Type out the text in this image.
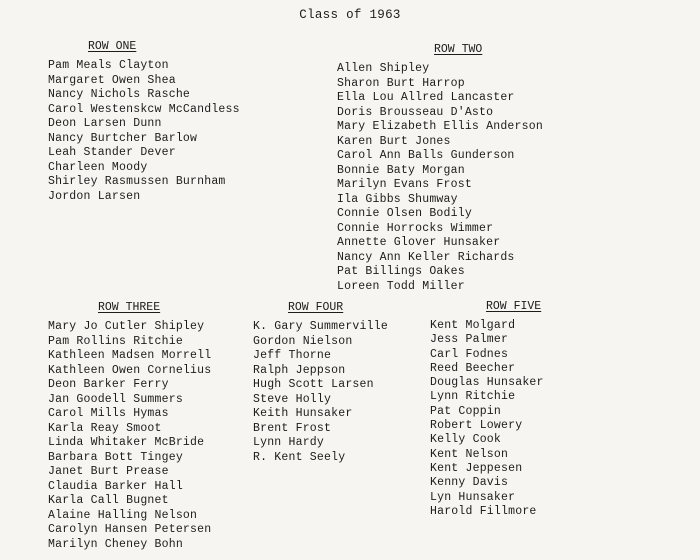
Class of 1963
ROW ONE
Pam Meals Clayton
Margaret Owen Shea
Nancy Nichols Rasche
Carol Westenskcw McCandless
Deon Larsen Dunn
Nancy Burtcher Barlow
Leah Stander Dever
Charleen Moody
Shirley Rasmussen Burnham
Jordon Larsen
ROW TWO
Allen Shipley
Sharon Burt Harrop
Ella Lou Allred Lancaster
Doris Brousseau D'Asto
Mary Elizabeth Ellis Anderson
Karen Burt Jones
Carol Ann Balls Gunderson
Bonnie Baty Morgan
Marilyn Evans Frost
Ila Gibbs Shumway
Connie Olsen Bodily
Connie Horrocks Wimmer
Annette Glover Hunsaker
Nancy Ann Keller Richards
Pat Billings Oakes
Loreen Todd Miller
ROW THREE
Mary Jo Cutler Shipley
Pam Rollins Ritchie
Kathleen Madsen Morrell
Kathleen Owen Cornelius
Deon Barker Ferry
Jan Goodell Summers
Carol Mills Hymas
Karla Reay Smoot
Linda Whitaker McBride
Barbara Bott Tingey
Janet Burt Prease
Claudia Barker Hall
Karla Call Bugnet
Alaine Halling Nelson
Carolyn Hansen Petersen
Marilyn Cheney Bohn
ROW FOUR
K. Gary Summerville
Gordon Nielson
Jeff Thorne
Ralph Jeppson
Hugh Scott Larsen
Steve Holly
Keith Hunsaker
Brent Frost
Lynn Hardy
R. Kent Seely
ROW FIVE
Kent Molgard
Jess Palmer
Carl Fodnes
Reed Beecher
Douglas Hunsaker
Lynn Ritchie
Pat Coppin
Robert Lowery
Kelly Cook
Kent Nelson
Kent Jeppesen
Kenny Davis
Lyn Hunsaker
Harold Fillmore
